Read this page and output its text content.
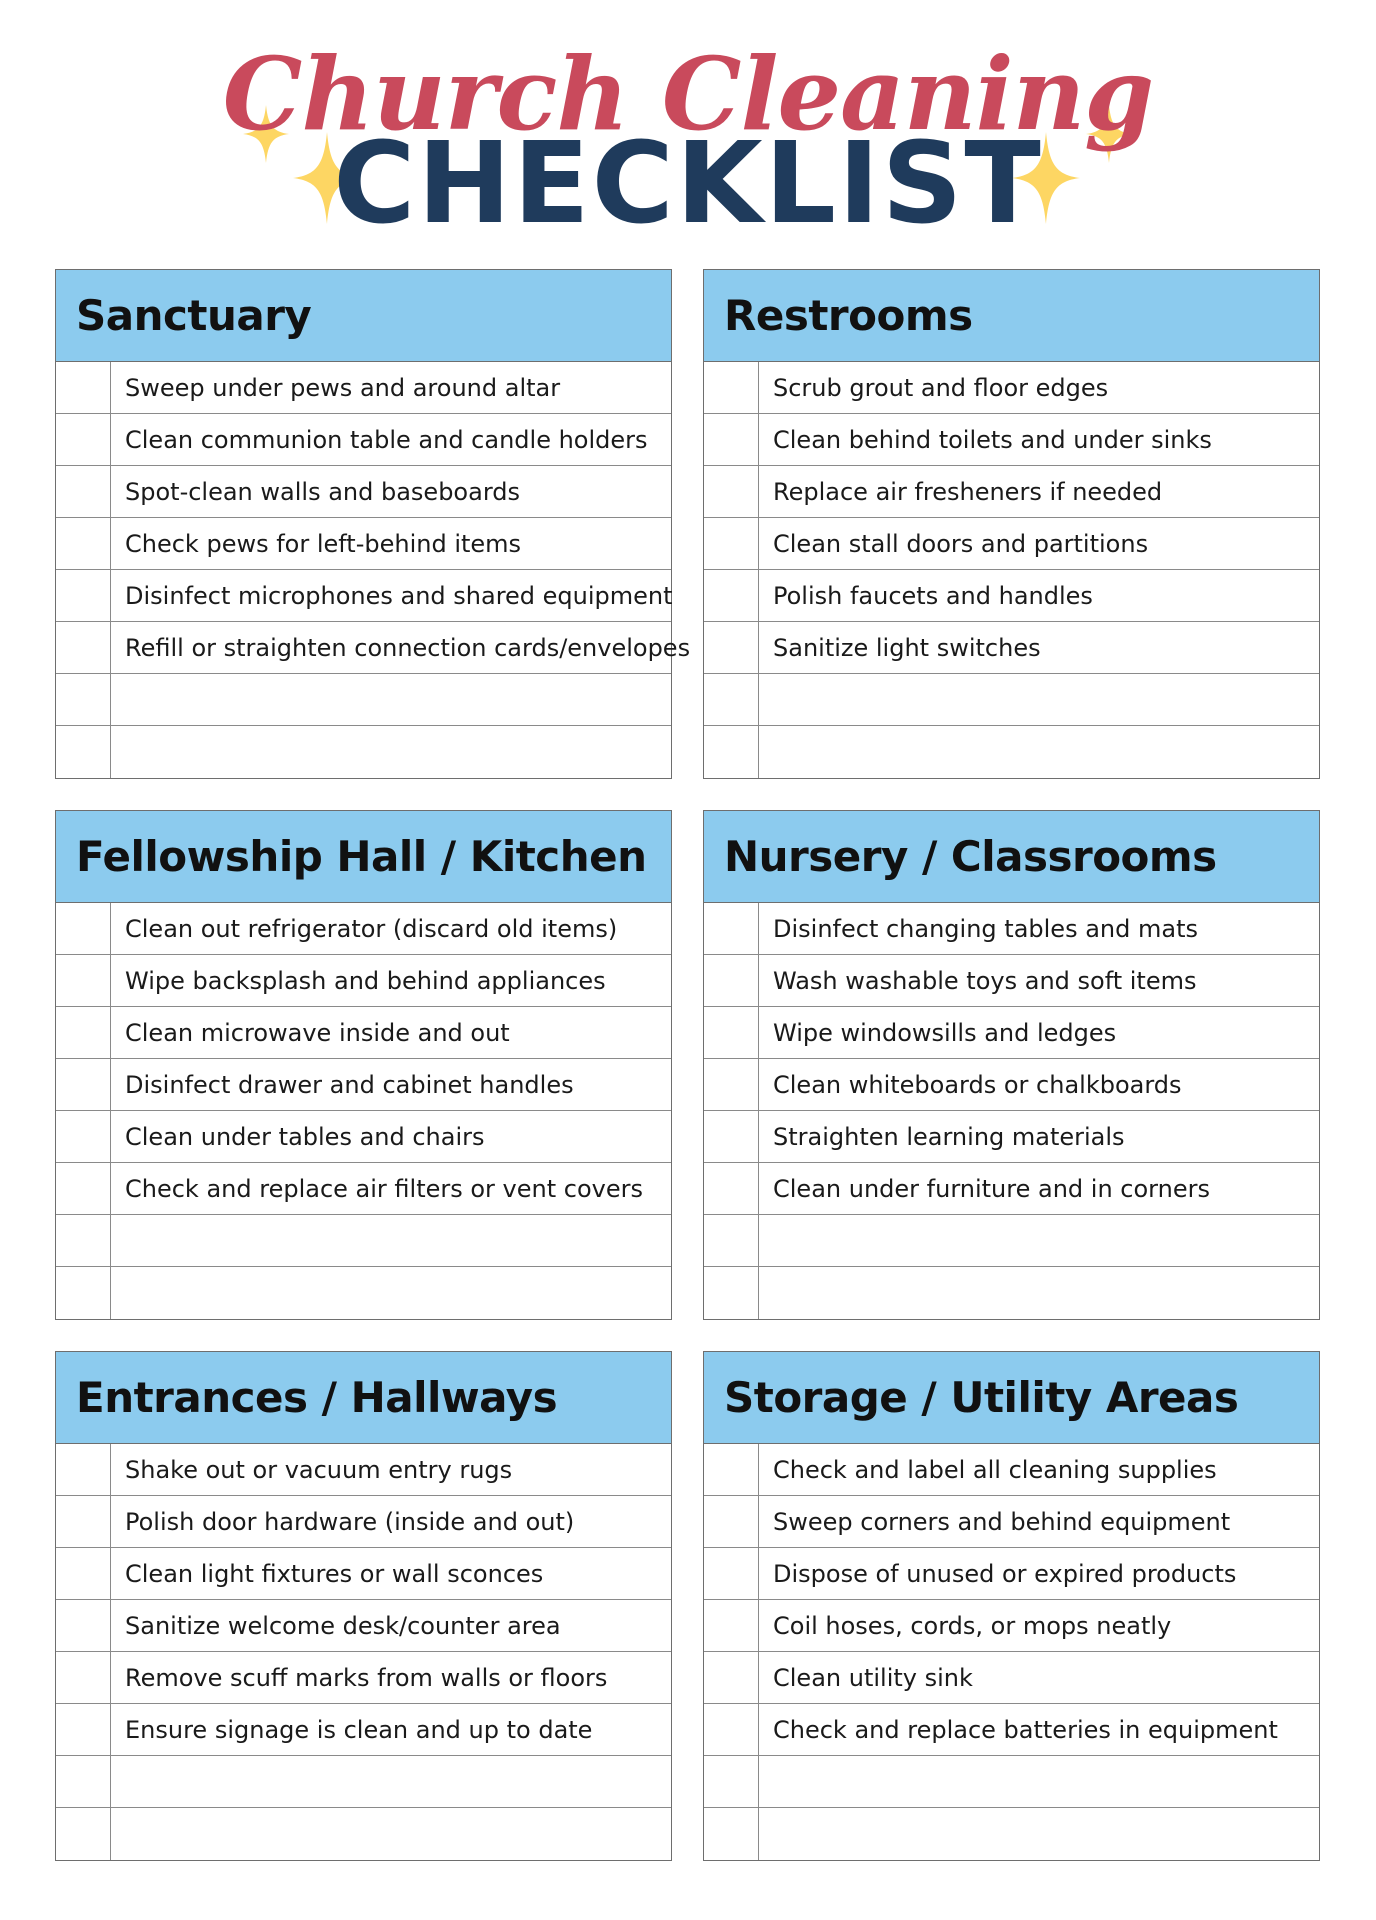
Church Cleaning
CHECKLIST
Sanctuary
Sweep under pews and around altar
Clean communion table and candle holders
Spot-clean walls and baseboards
Check pews for left-behind items
Disinfect microphones and shared equipment
Refill or straighten connection cards/envelopes
Restrooms
Scrub grout and floor edges
Clean behind toilets and under sinks
Replace air fresheners if needed
Clean stall doors and partitions
Polish faucets and handles
Sanitize light switches
Fellowship Hall / Kitchen
Clean out refrigerator (discard old items)
Wipe backsplash and behind appliances
Clean microwave inside and out
Disinfect drawer and cabinet handles
Clean under tables and chairs
Check and replace air filters or vent covers
Nursery / Classrooms
Disinfect changing tables and mats
Wash washable toys and soft items
Wipe windowsills and ledges
Clean whiteboards or chalkboards
Straighten learning materials
Clean under furniture and in corners
Entrances / Hallways
Shake out or vacuum entry rugs
Polish door hardware (inside and out)
Clean light fixtures or wall sconces
Sanitize welcome desk/counter area
Remove scuff marks from walls or floors
Ensure signage is clean and up to date
Storage / Utility Areas
Check and label all cleaning supplies
Sweep corners and behind equipment
Dispose of unused or expired products
Coil hoses, cords, or mops neatly
Clean utility sink
Check and replace batteries in equipment
